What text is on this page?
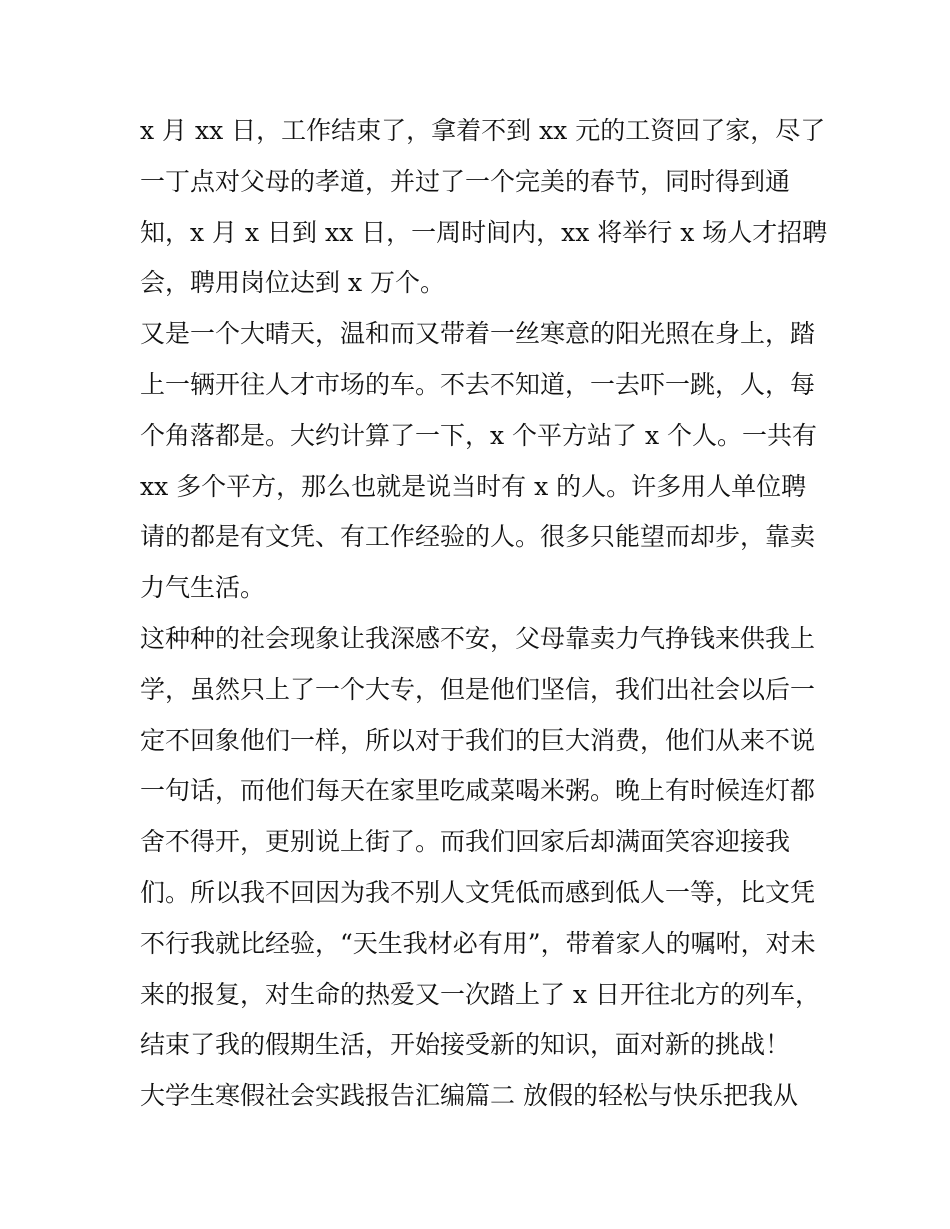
x 月 xx 日，工作结束了，拿着不到 xx 元的工资回了家，尽了
一丁点对父母的孝道，并过了一个完美的春节，同时得到通
知，x 月 x 日到 xx 日，一周时间内，xx 将举行 x 场人才招聘
会，聘用岗位达到 x 万个。
又是一个大晴天，温和而又带着一丝寒意的阳光照在身上，踏
上一辆开往人才市场的车。不去不知道，一去吓一跳，人，每
个角落都是。大约计算了一下，x 个平方站了 x 个人。一共有
xx 多个平方，那么也就是说当时有 x 的人。许多用人单位聘
请的都是有文凭、有工作经验的人。很多只能望而却步，靠卖
力气生活。
这种种的社会现象让我深感不安，父母靠卖力气挣钱来供我上
学，虽然只上了一个大专，但是他们坚信，我们出社会以后一
定不回象他们一样，所以对于我们的巨大消费，他们从来不说
一句话，而他们每天在家里吃咸菜喝米粥。晚上有时候连灯都
舍不得开，更别说上街了。而我们回家后却满面笑容迎接我
们。所以我不回因为我不别人文凭低而感到低人一等，比文凭
不行我就比经验，“天生我材必有用”，带着家人的嘱咐，对未
来的报复，对生命的热爱又一次踏上了 x 日开往北方的列车，
结束了我的假期生活，开始接受新的知识，面对新的挑战！
大学生寒假社会实践报告汇编篇二 放假的轻松与快乐把我从
